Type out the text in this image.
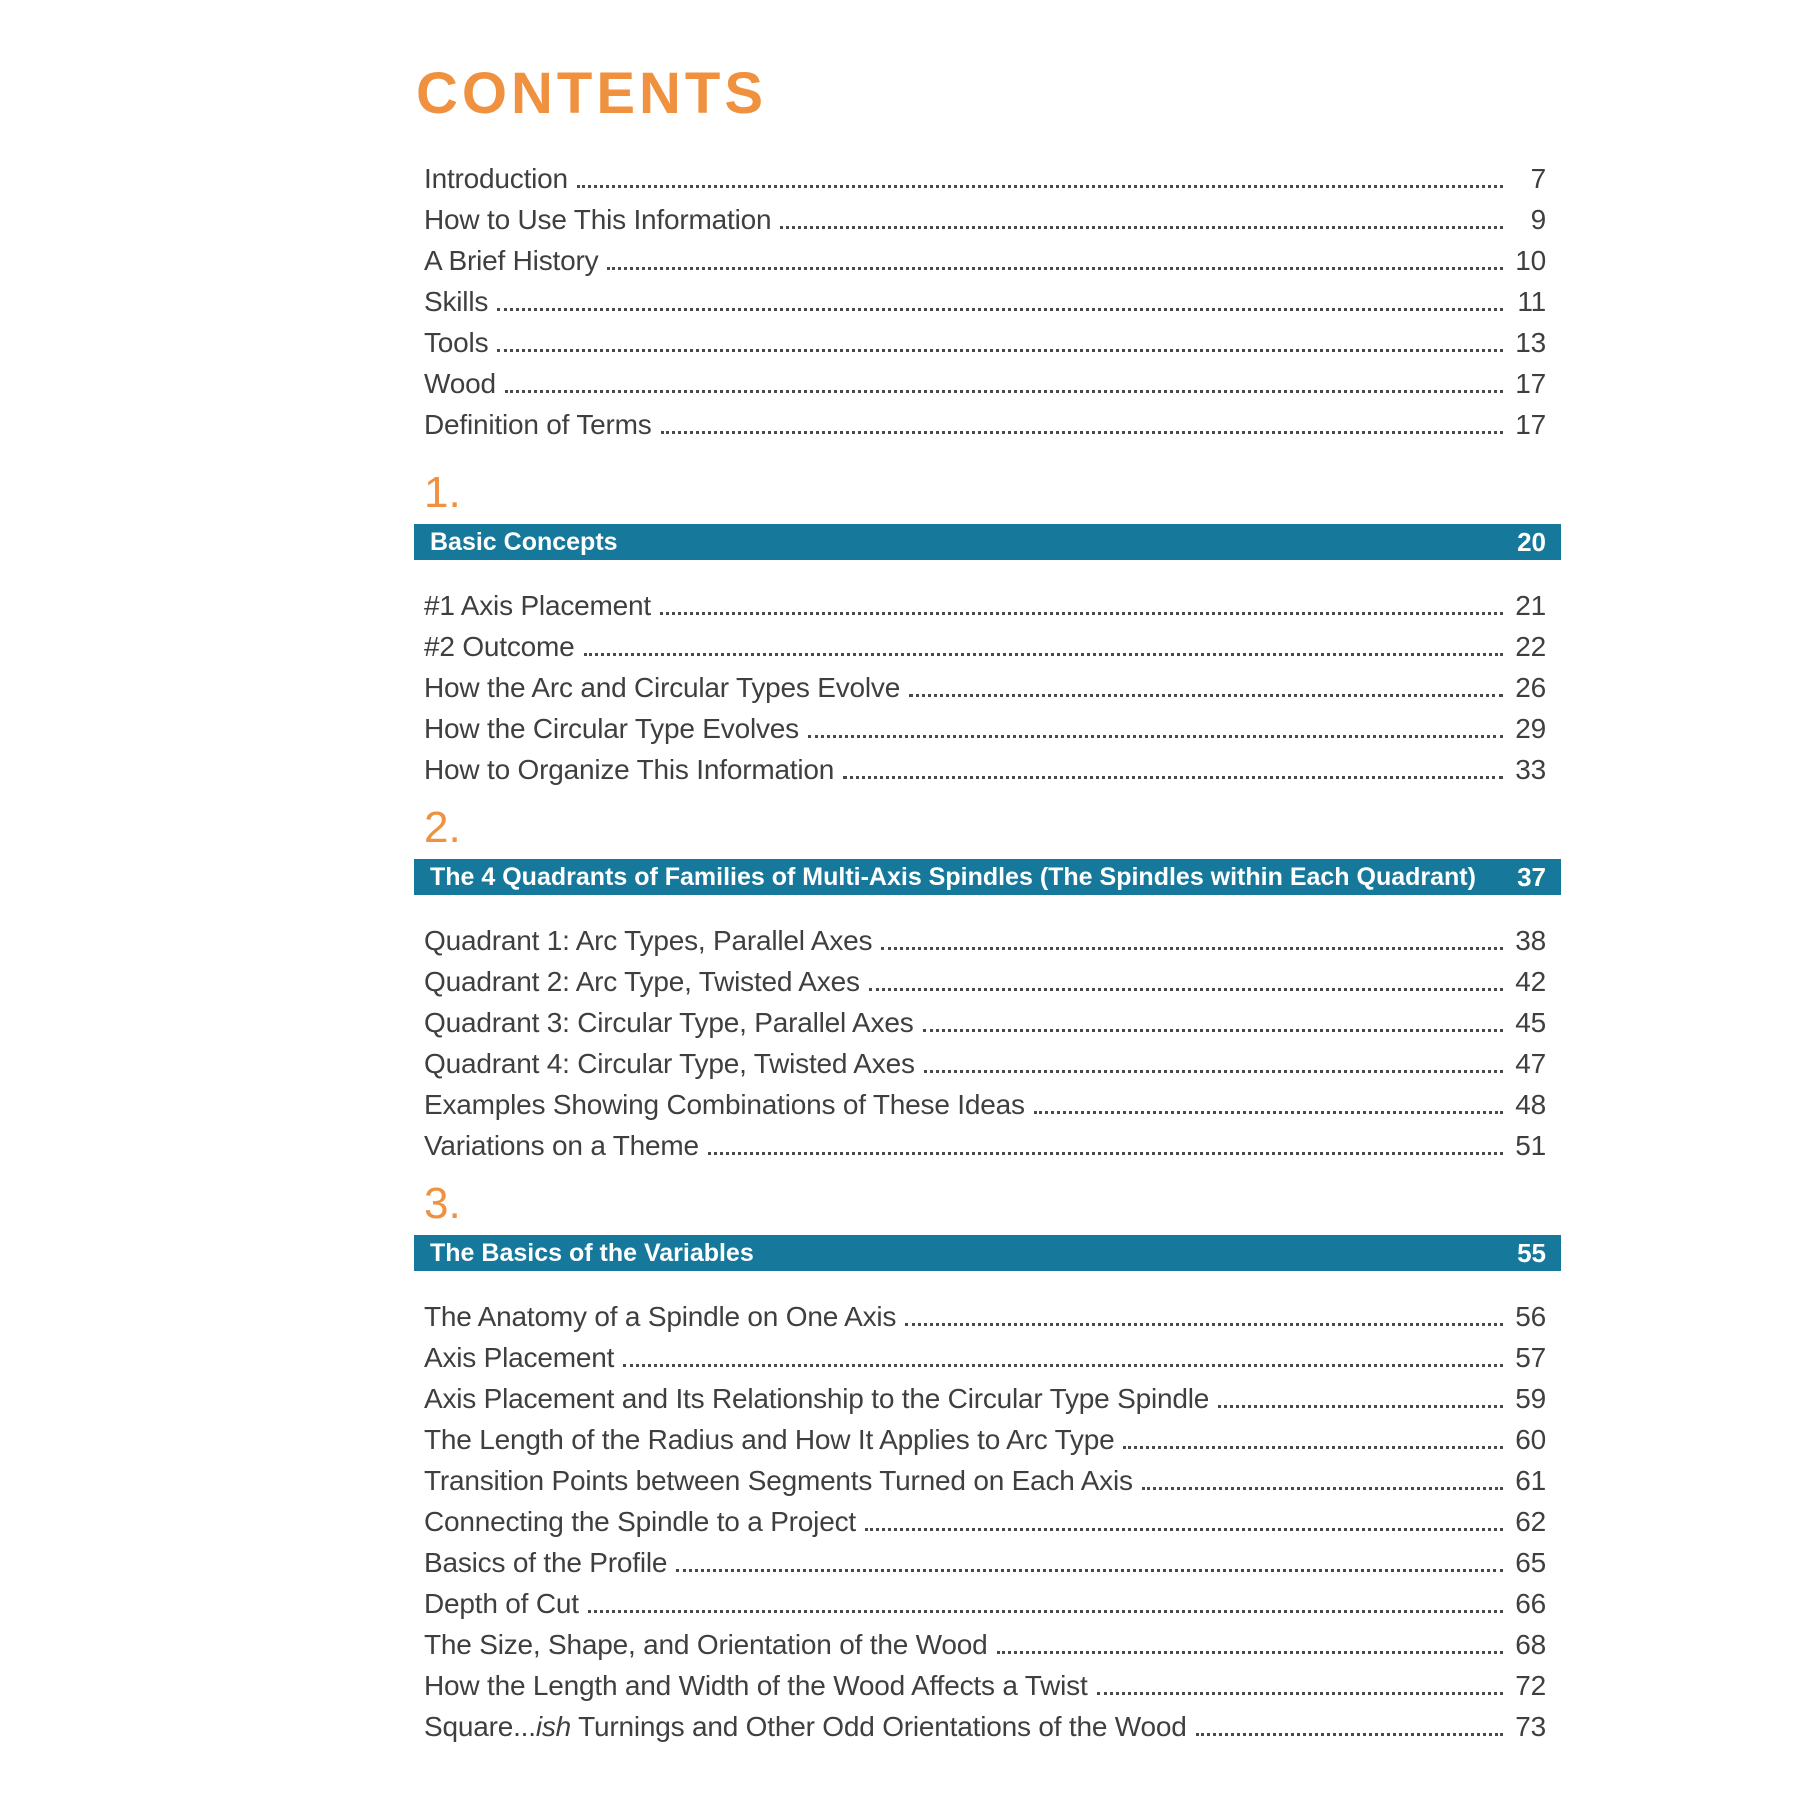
CONTENTS
Introduction	7
How to Use This Information	9
A Brief History	10
Skills	11
Tools	13
Wood	17
Definition of Terms	17
1.
Basic Concepts	20
#1 Axis Placement	21
#2 Outcome	22
How the Arc and Circular Types Evolve	26
How the Circular Type Evolves	29
How to Organize This Information	33
2.
The 4 Quadrants of Families of Multi-Axis Spindles (The Spindles within Each Quadrant)	37
Quadrant 1: Arc Types, Parallel Axes	38
Quadrant 2: Arc Type, Twisted Axes	42
Quadrant 3: Circular Type, Parallel Axes	45
Quadrant 4: Circular Type, Twisted Axes	47
Examples Showing Combinations of These Ideas	48
Variations on a Theme	51
3.
The Basics of the Variables	55
The Anatomy of a Spindle on One Axis	56
Axis Placement	57
Axis Placement and Its Relationship to the Circular Type Spindle	59
The Length of the Radius and How It Applies to Arc Type	60
Transition Points between Segments Turned on Each Axis	61
Connecting the Spindle to a Project	62
Basics of the Profile	65
Depth of Cut	66
The Size, Shape, and Orientation of the Wood	68
How the Length and Width of the Wood Affects a Twist	72
Square...ish Turnings and Other Odd Orientations of the Wood	73
